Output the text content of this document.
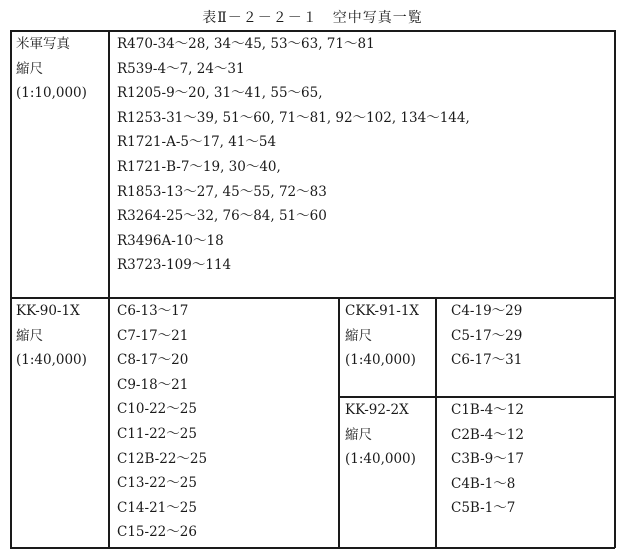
表Ⅱ－２－２－１　空中写真一覧
米軍写真
縮尺
(1:10,000)
R470-34～28, 34～45, 53～63, 71～81
R539-4～7, 24～31
R1205-9～20, 31～41, 55～65,
R1253-31～39, 51～60, 71～81, 92～102, 134～144,
R1721-A-5～17, 41～54
R1721-B-7～19, 30～40,
R1853-13～27, 45～55, 72～83
R3264-25～32, 76～84, 51～60
R3496A-10～18
R3723-109～114
KK-90-1X
縮尺
(1:40,000)
C6-13～17
C7-17～21
C8-17～20
C9-18～21
C10-22～25
C11-22～25
C12B-22～25
C13-22～25
C14-21～25
C15-22～26
CKK-91-1X
縮尺
(1:40,000)
C4-19～29
C5-17～29
C6-17～31
KK-92-2X
縮尺
(1:40,000)
C1B-4～12
C2B-4～12
C3B-9～17
C4B-1～8
C5B-1～7
